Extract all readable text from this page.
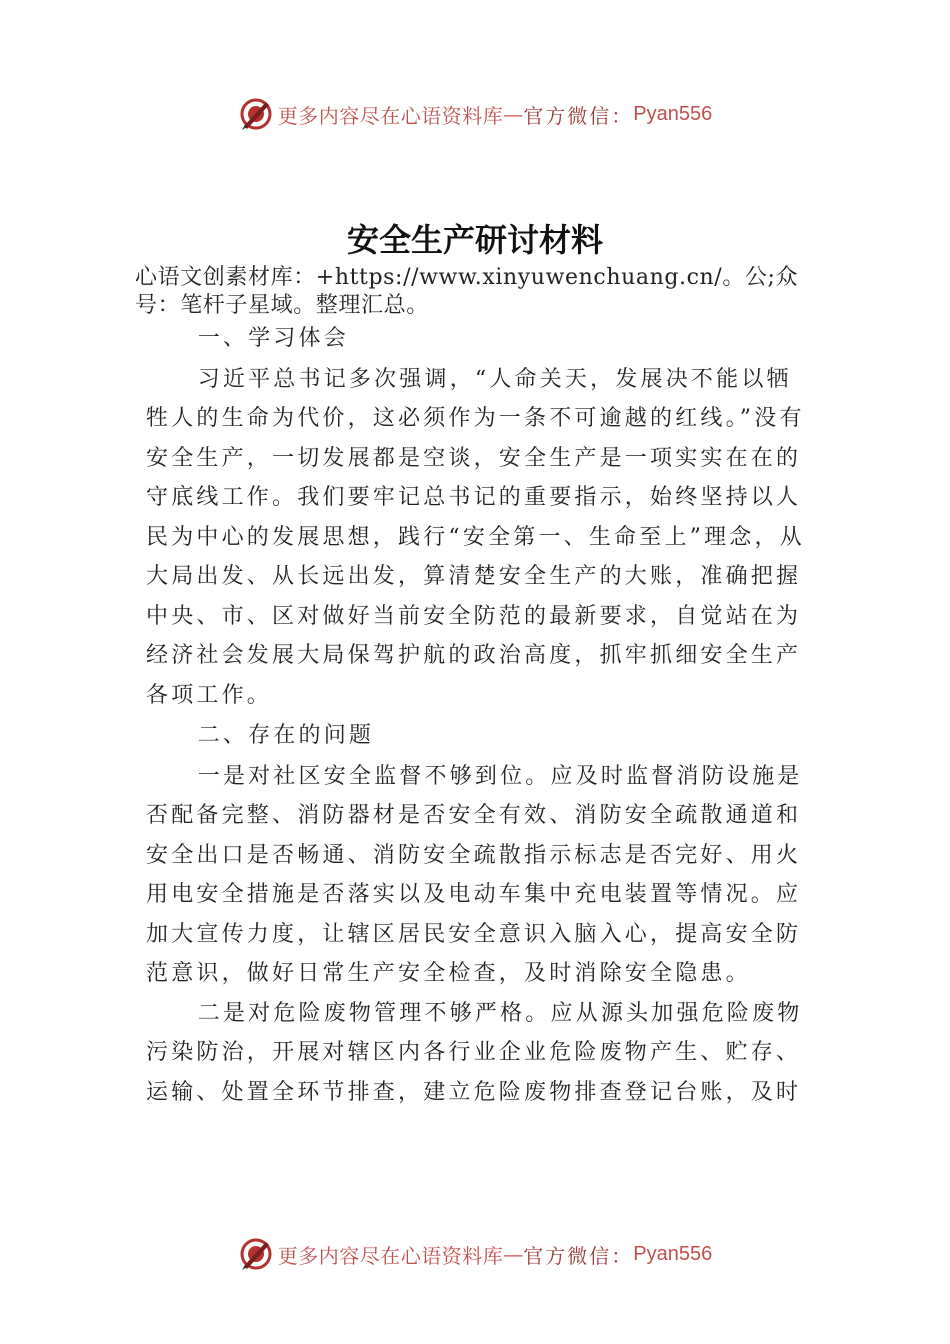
更多内容尽在心语资料库 — 官方微信： Pyan556
安全生产研讨材料
心语文创素材库：+https://www.xinyuwenchuang.cn/。公;众号：笔杆子星域。整理汇总。

一、学习体会

习近平总书记多次强调，“人命关天，发展决不能以牺牲人的生命为代价，这必须作为一条不可逾越的红线。”没有安全生产，一切发展都是空谈，安全生产是一项实实在在的守底线工作。我们要牢记总书记的重要指示，始终坚持以人民为中心的发展思想，践行“安全第一、生命至上”理念，从大局出发、从长远出发，算清楚安全生产的大账，准确把握中央、市、区对做好当前安全防范的最新要求，自觉站在为经济社会发展大局保驾护航的政治高度，抓牢抓细安全生产各项工作。

二、存在的问题

一是对社区安全监督不够到位。应及时监督消防设施是否配备完整、消防器材是否安全有效、消防安全疏散通道和安全出口是否畅通、消防安全疏散指示标志是否完好、用火用电安全措施是否落实以及电动车集中充电装置等情况。应加大宣传力度，让辖区居民安全意识入脑入心，提高安全防范意识，做好日常生产安全检查，及时消除安全隐患。

二是对危险废物管理不够严格。应从源头加强危险废物污染防治，开展对辖区内各行业企业危险废物产生、贮存、运输、处置全环节排查，建立危险废物排查登记台账，及时

更多内容尽在心语资料库 — 官方微信： Pyan556
